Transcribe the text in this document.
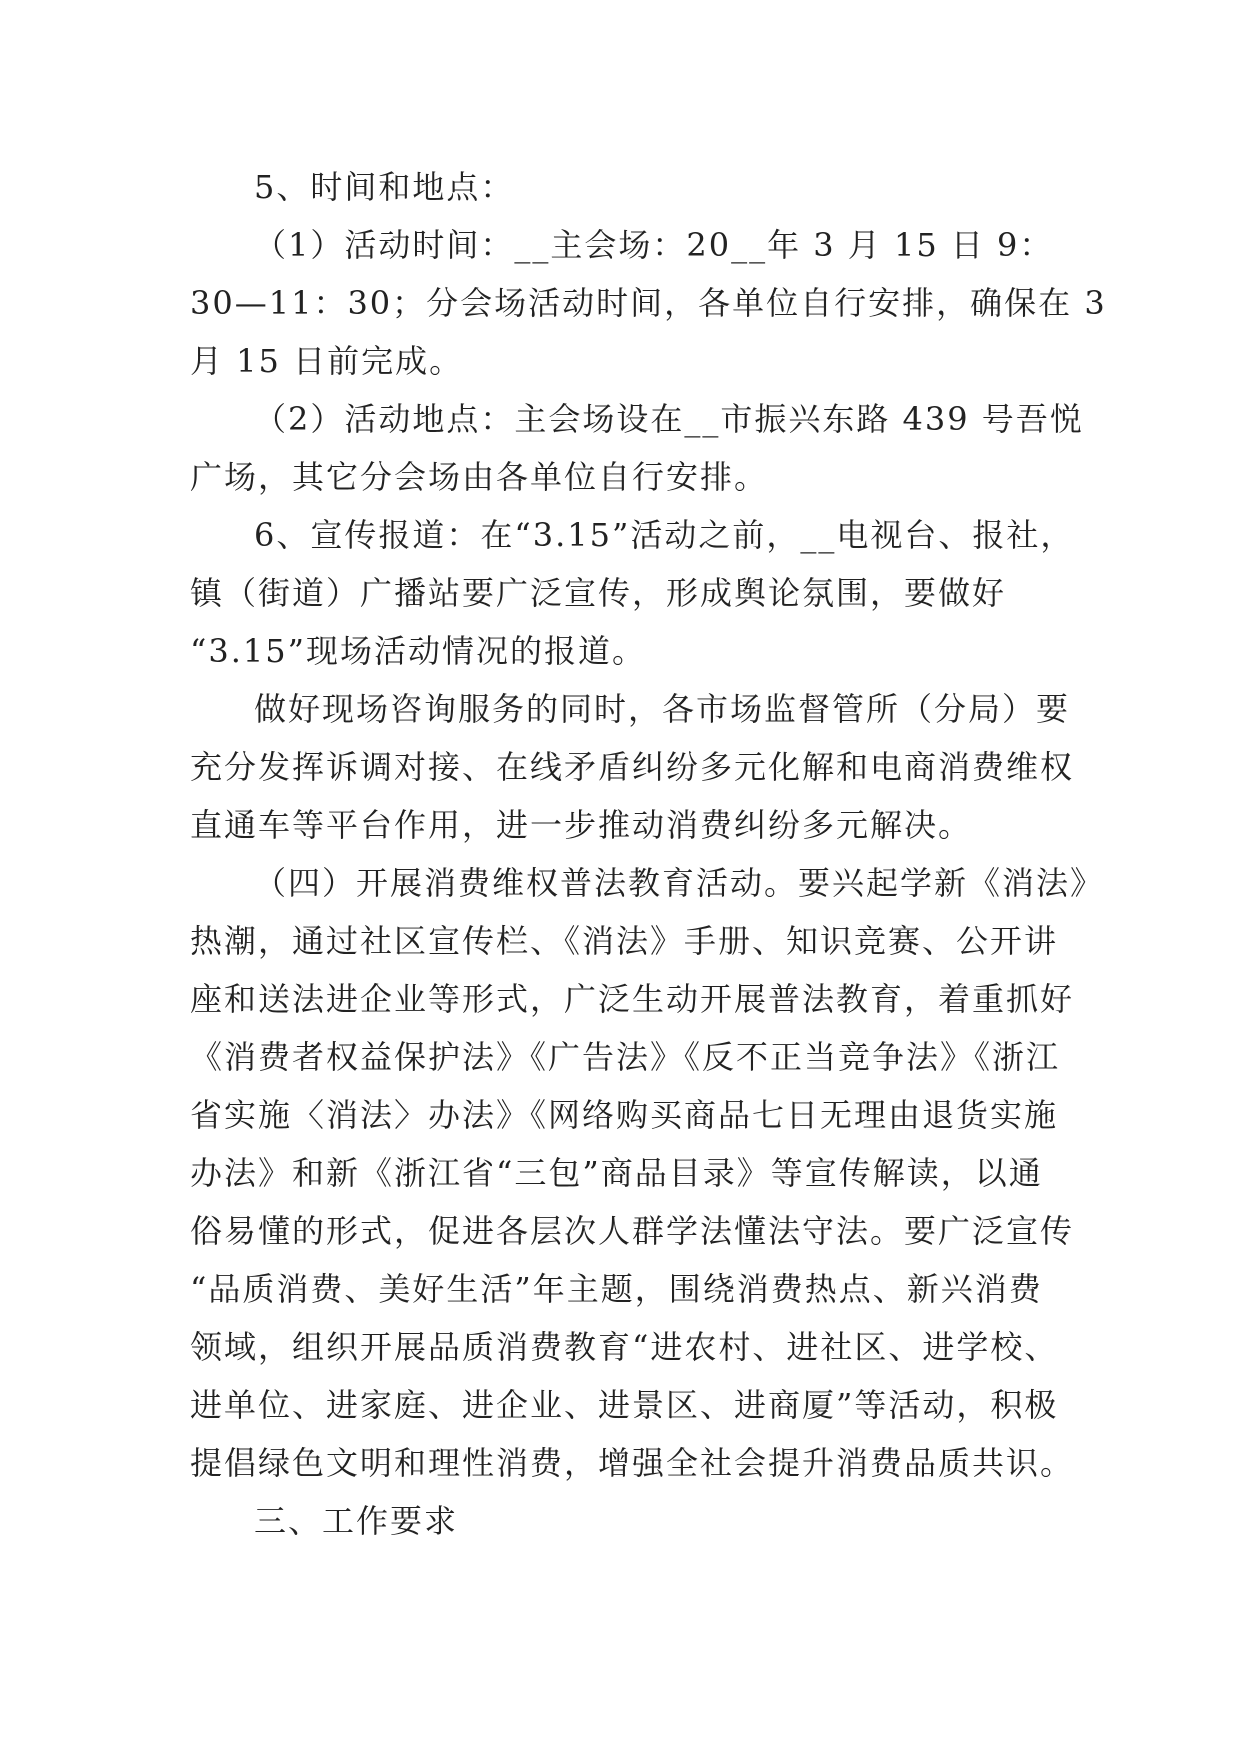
5、时间和地点：
（1）活动时间：__主会场：20__年 3 月 15 日 9：
30—11：30；分会场活动时间，各单位自行安排，确保在 3
月 15 日前完成。
（2）活动地点：主会场设在__市振兴东路 439 号吾悦
广场，其它分会场由各单位自行安排。
6、宣传报道：在“3.15”活动之前，__电视台、报社，
镇（街道）广播站要广泛宣传，形成舆论氛围，要做好
“3.15”现场活动情况的报道。
做好现场咨询服务的同时，各市场监督管所（分局）要
充分发挥诉调对接、在线矛盾纠纷多元化解和电商消费维权
直通车等平台作用，进一步推动消费纠纷多元解决。
（四）开展消费维权普法教育活动。要兴起学新《消法》
热潮，通过社区宣传栏、《消法》手册、知识竞赛、公开讲
座和送法进企业等形式，广泛生动开展普法教育，着重抓好
《消费者权益保护法》《广告法》《反不正当竞争法》《浙江
省实施〈消法〉办法》《网络购买商品七日无理由退货实施
办法》和新《浙江省“三包”商品目录》等宣传解读，以通
俗易懂的形式，促进各层次人群学法懂法守法。要广泛宣传
“品质消费、美好生活”年主题，围绕消费热点、新兴消费
领域，组织开展品质消费教育“进农村、进社区、进学校、
进单位、进家庭、进企业、进景区、进商厦”等活动，积极
提倡绿色文明和理性消费，增强全社会提升消费品质共识。
三、工作要求
